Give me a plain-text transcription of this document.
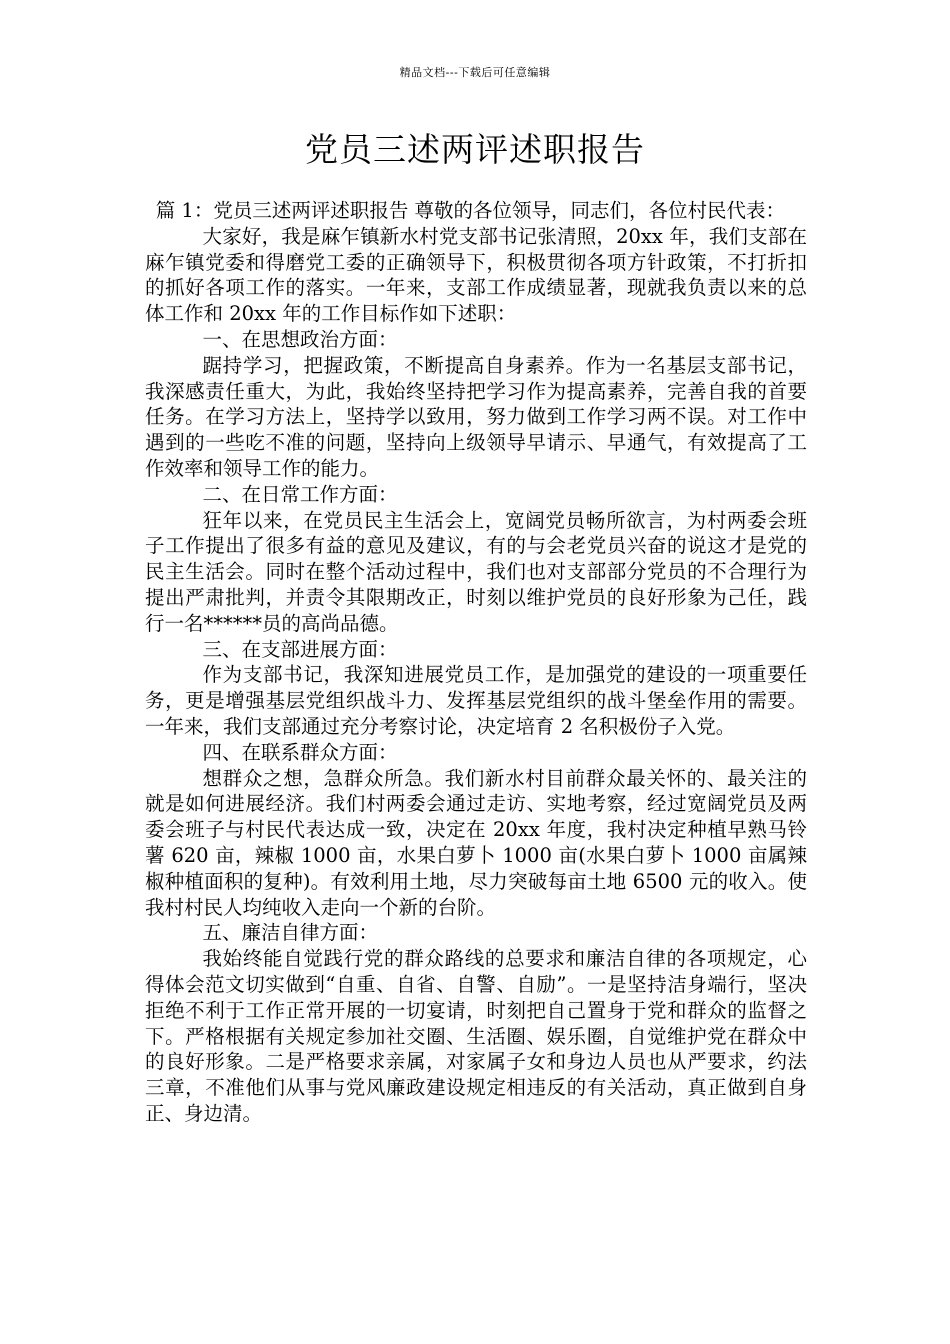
精品文档---下载后可任意编辑
党员三述两评述职报告

篇 1：党员三述两评述职报告 尊敬的各位领导，同志们，各位村民代表：

大家好，我是麻乍镇新水村党支部书记张清照，20xx 年，我们支部在麻乍镇党委和得磨党工委的正确领导下，积极贯彻各项方针政策，不打折扣的抓好各项工作的落实。一年来，支部工作成绩显著，现就我负责以来的总体工作和 20xx 年的工作目标作如下述职：

一、在思想政治方面：

踞持学习，把握政策，不断提高自身素养。作为一名基层支部书记，我深感责任重大，为此，我始终坚持把学习作为提高素养，完善自我的首要任务。在学习方法上，坚持学以致用，努力做到工作学习两不误。对工作中遇到的一些吃不准的问题，坚持向上级领导早请示、早通气，有效提高了工作效率和领导工作的能力。

二、在日常工作方面：

狂年以来，在党员民主生活会上，宽阔党员畅所欲言，为村两委会班子工作提出了很多有益的意见及建议，有的与会老党员兴奋的说这才是党的民主生活会。同时在整个活动过程中，我们也对支部部分党员的不合理行为提出严肃批判，并责令其限期改正，时刻以维护党员的良好形象为己任，践行一名******员的高尚品德。

三、在支部进展方面：

作为支部书记，我深知进展党员工作，是加强党的建设的一项重要任务，更是增强基层党组织战斗力、发挥基层党组织的战斗堡垒作用的需要。一年来，我们支部通过充分考察讨论，决定培育 2 名积极份子入党。

四、在联系群众方面：

想群众之想，急群众所急。我们新水村目前群众最关怀的、最关注的就是如何进展经济。我们村两委会通过走访、实地考察，经过宽阔党员及两委会班子与村民代表达成一致，决定在 20xx 年度，我村决定种植早熟马铃薯 620 亩，辣椒 1000 亩，水果白萝卜 1000 亩(水果白萝卜 1000 亩属辣椒种植面积的复种)。有效利用土地，尽力突破每亩土地 6500 元的收入。使我村村民人均纯收入走向一个新的台阶。

五、廉洁自律方面：

我始终能自觉践行党的群众路线的总要求和廉洁自律的各项规定，心得体会范文切实做到“自重、自省、自警、自励”。一是坚持洁身端行，坚决拒绝不利于工作正常开展的一切宴请，时刻把自己置身于党和群众的监督之下。严格根据有关规定参加社交圈、生活圈、娱乐圈，自觉维护党在群众中的良好形象。二是严格要求亲属，对家属子女和身边人员也从严要求，约法三章，不准他们从事与党风廉政建设规定相违反的有关活动，真正做到自身正、身边清。
